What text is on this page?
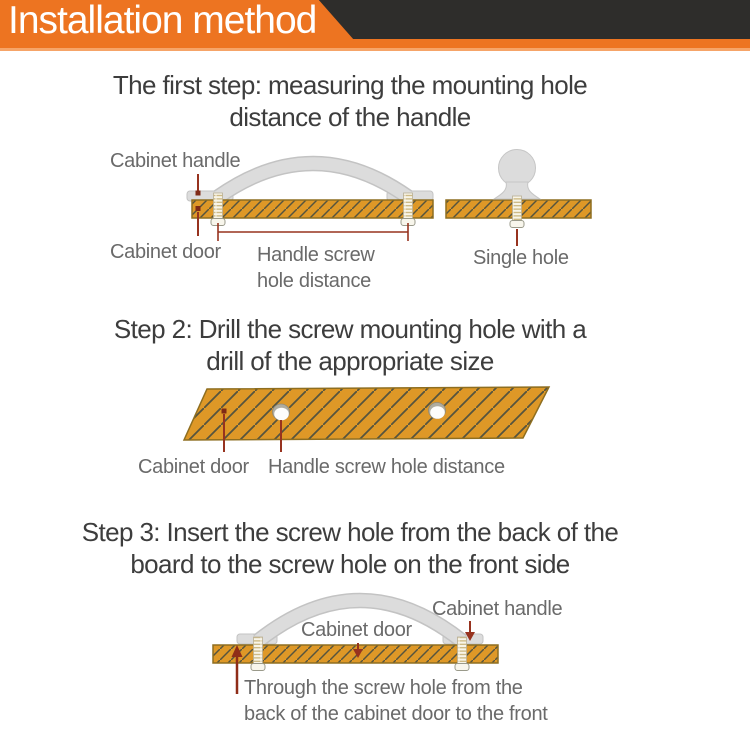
Installation method
The first step: measuring the mounting hole
distance of the handle
Cabinet handle
Cabinet door Handle screw
hole distance
Single hole
Step 2: Drill the screw mounting hole with a
drill of the appropriate size
Cabinet door Handle screw hole distance
Step 3: Insert the screw hole from the back of the
board to the screw hole on the front side
Cabinet handle
Cabinet door
Through the screw hole from the
back of the cabinet door to the front
